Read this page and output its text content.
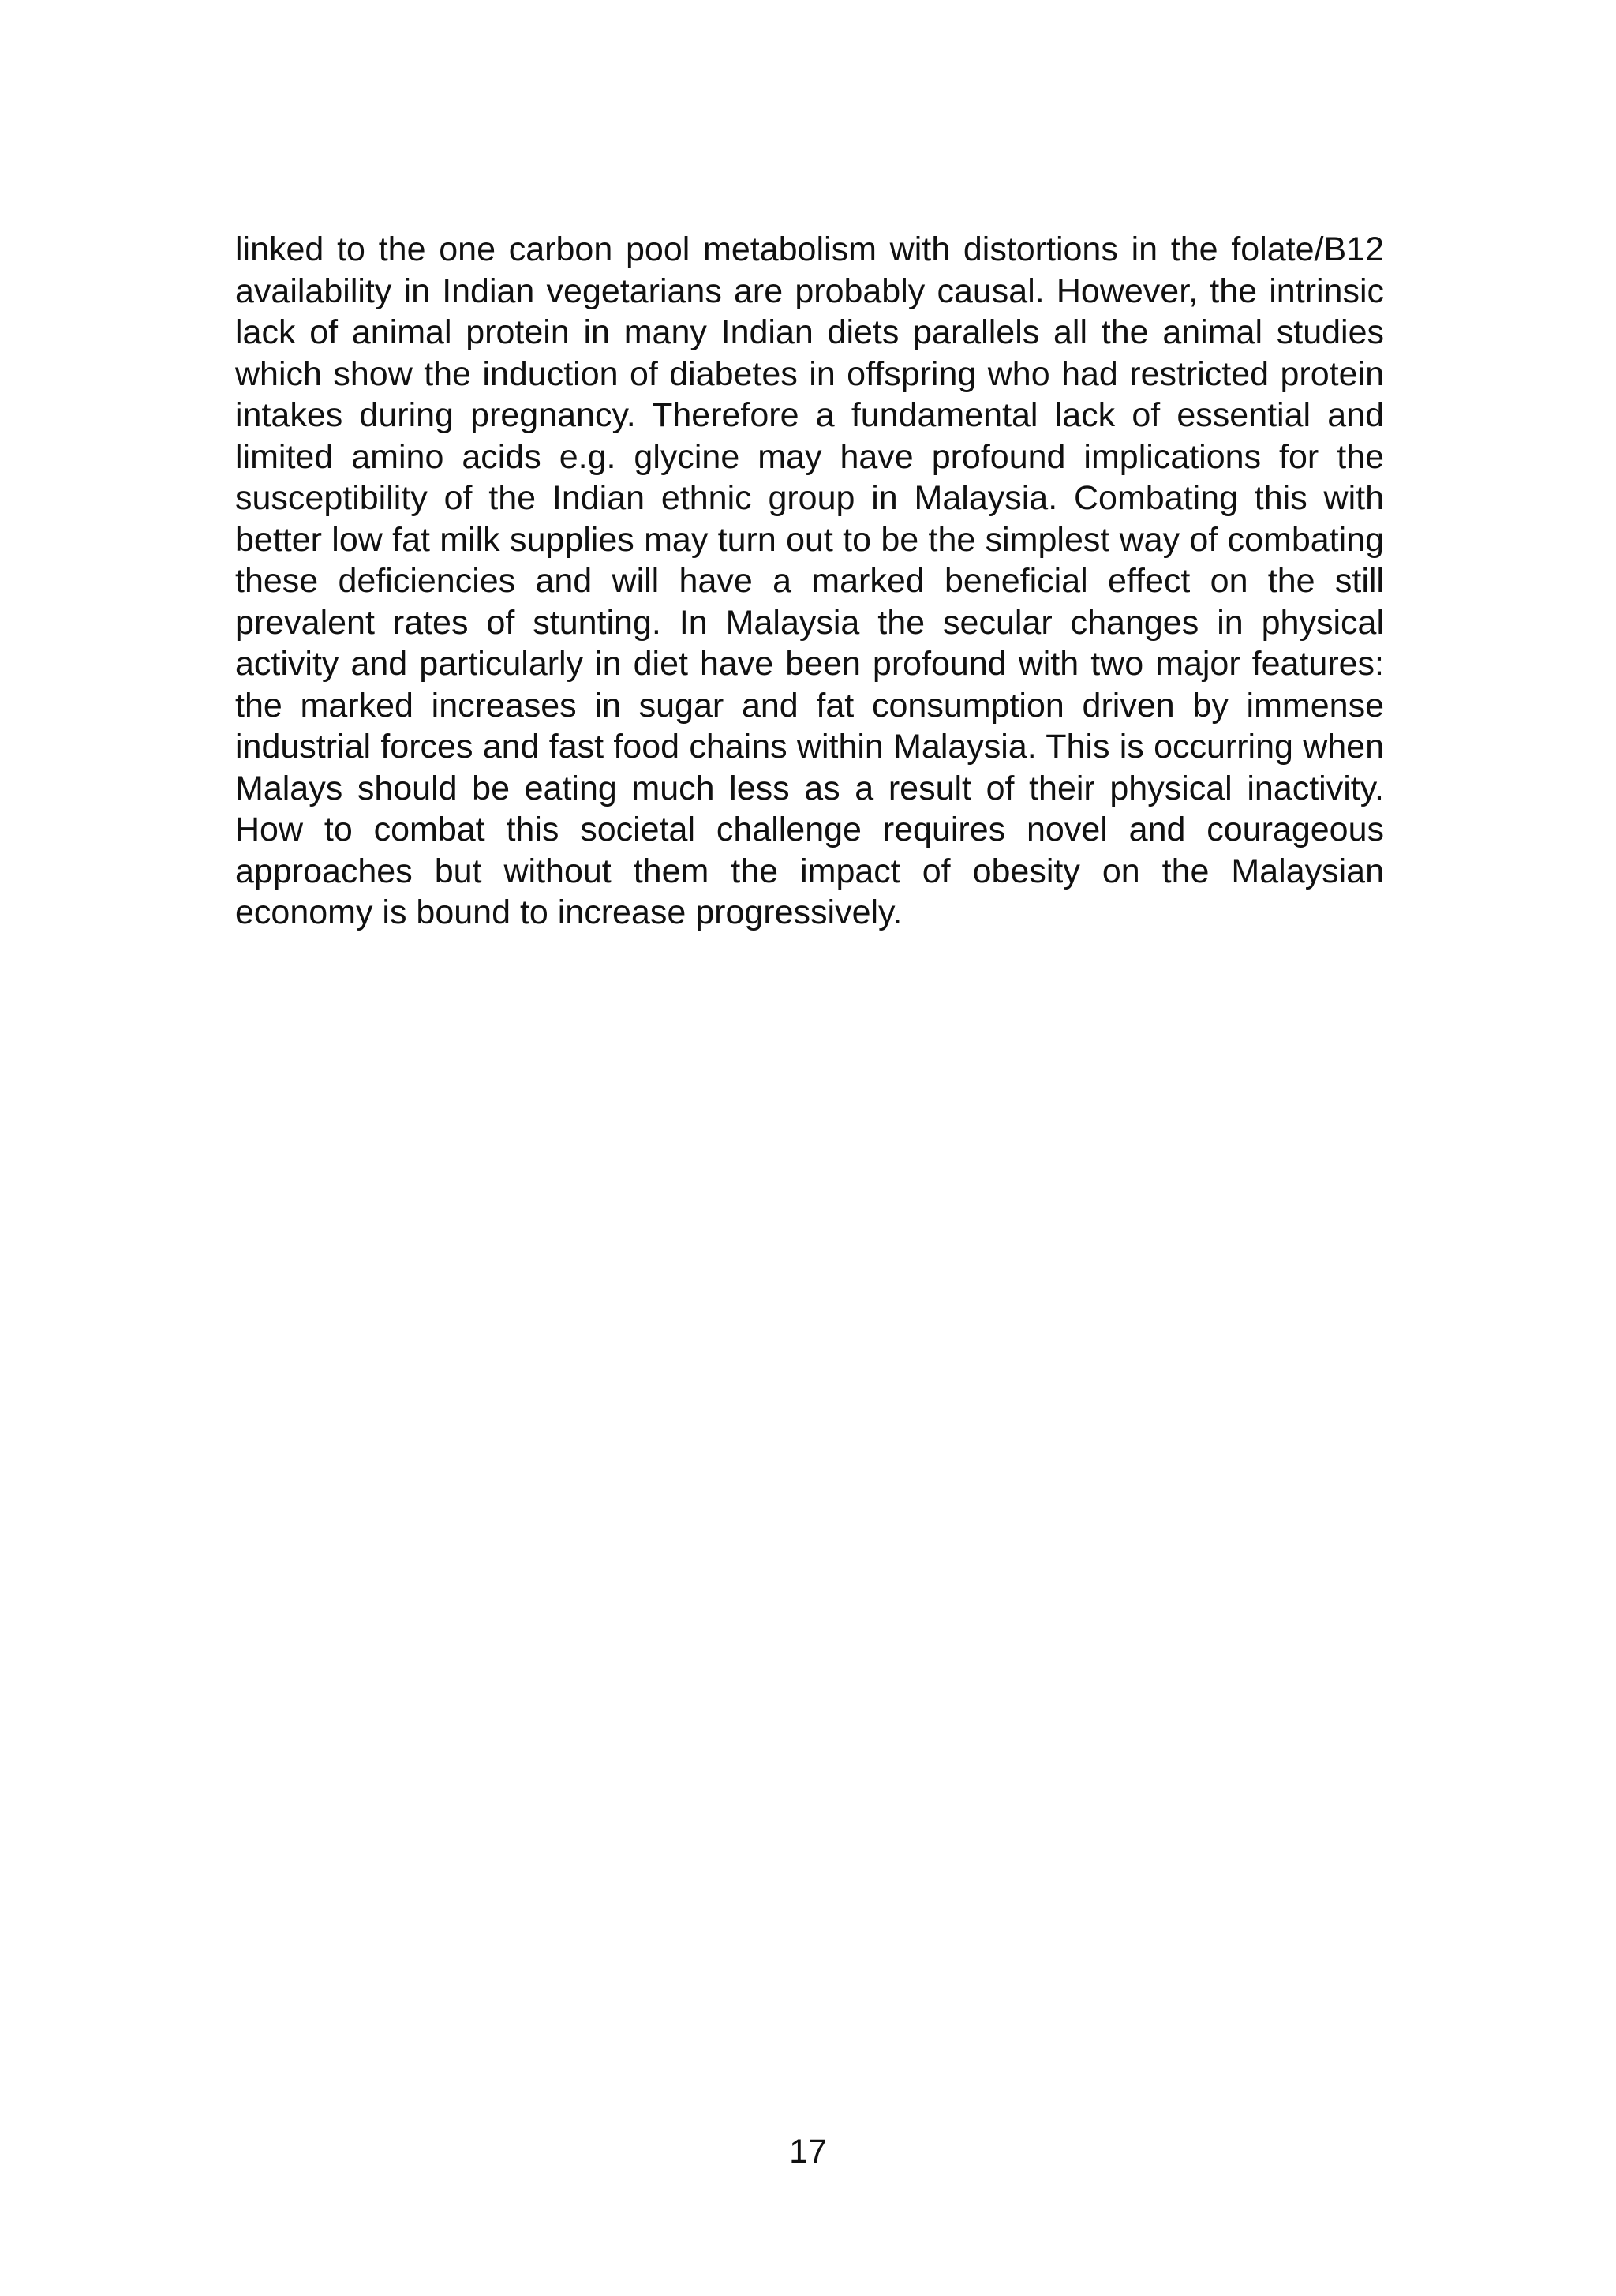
linked to the one carbon pool metabolism with distortions in the folate/B12 availability in Indian vegetarians are probably causal. However, the intrinsic lack of animal protein in many Indian diets parallels all the animal studies which show the induction of diabetes in offspring who had restricted protein intakes during pregnancy. Therefore a fundamental lack of essential and limited amino acids e.g. glycine may have profound implications for the susceptibility of the Indian ethnic group in Malaysia. Combating this with better low fat milk supplies may turn out to be the simplest way of combating these deficiencies and will have a marked beneficial effect on the still prevalent rates of stunting. In Malaysia the secular changes in physical activity and particularly in diet have been profound with two major features: the marked increases in sugar and fat consumption driven by immense industrial forces and fast food chains within Malaysia. This is occurring when Malays should be eating much less as a result of their physical inactivity. How to combat this societal challenge requires novel and courageous approaches but without them the impact of obesity on the Malaysian economy is bound to increase progressively.

17
